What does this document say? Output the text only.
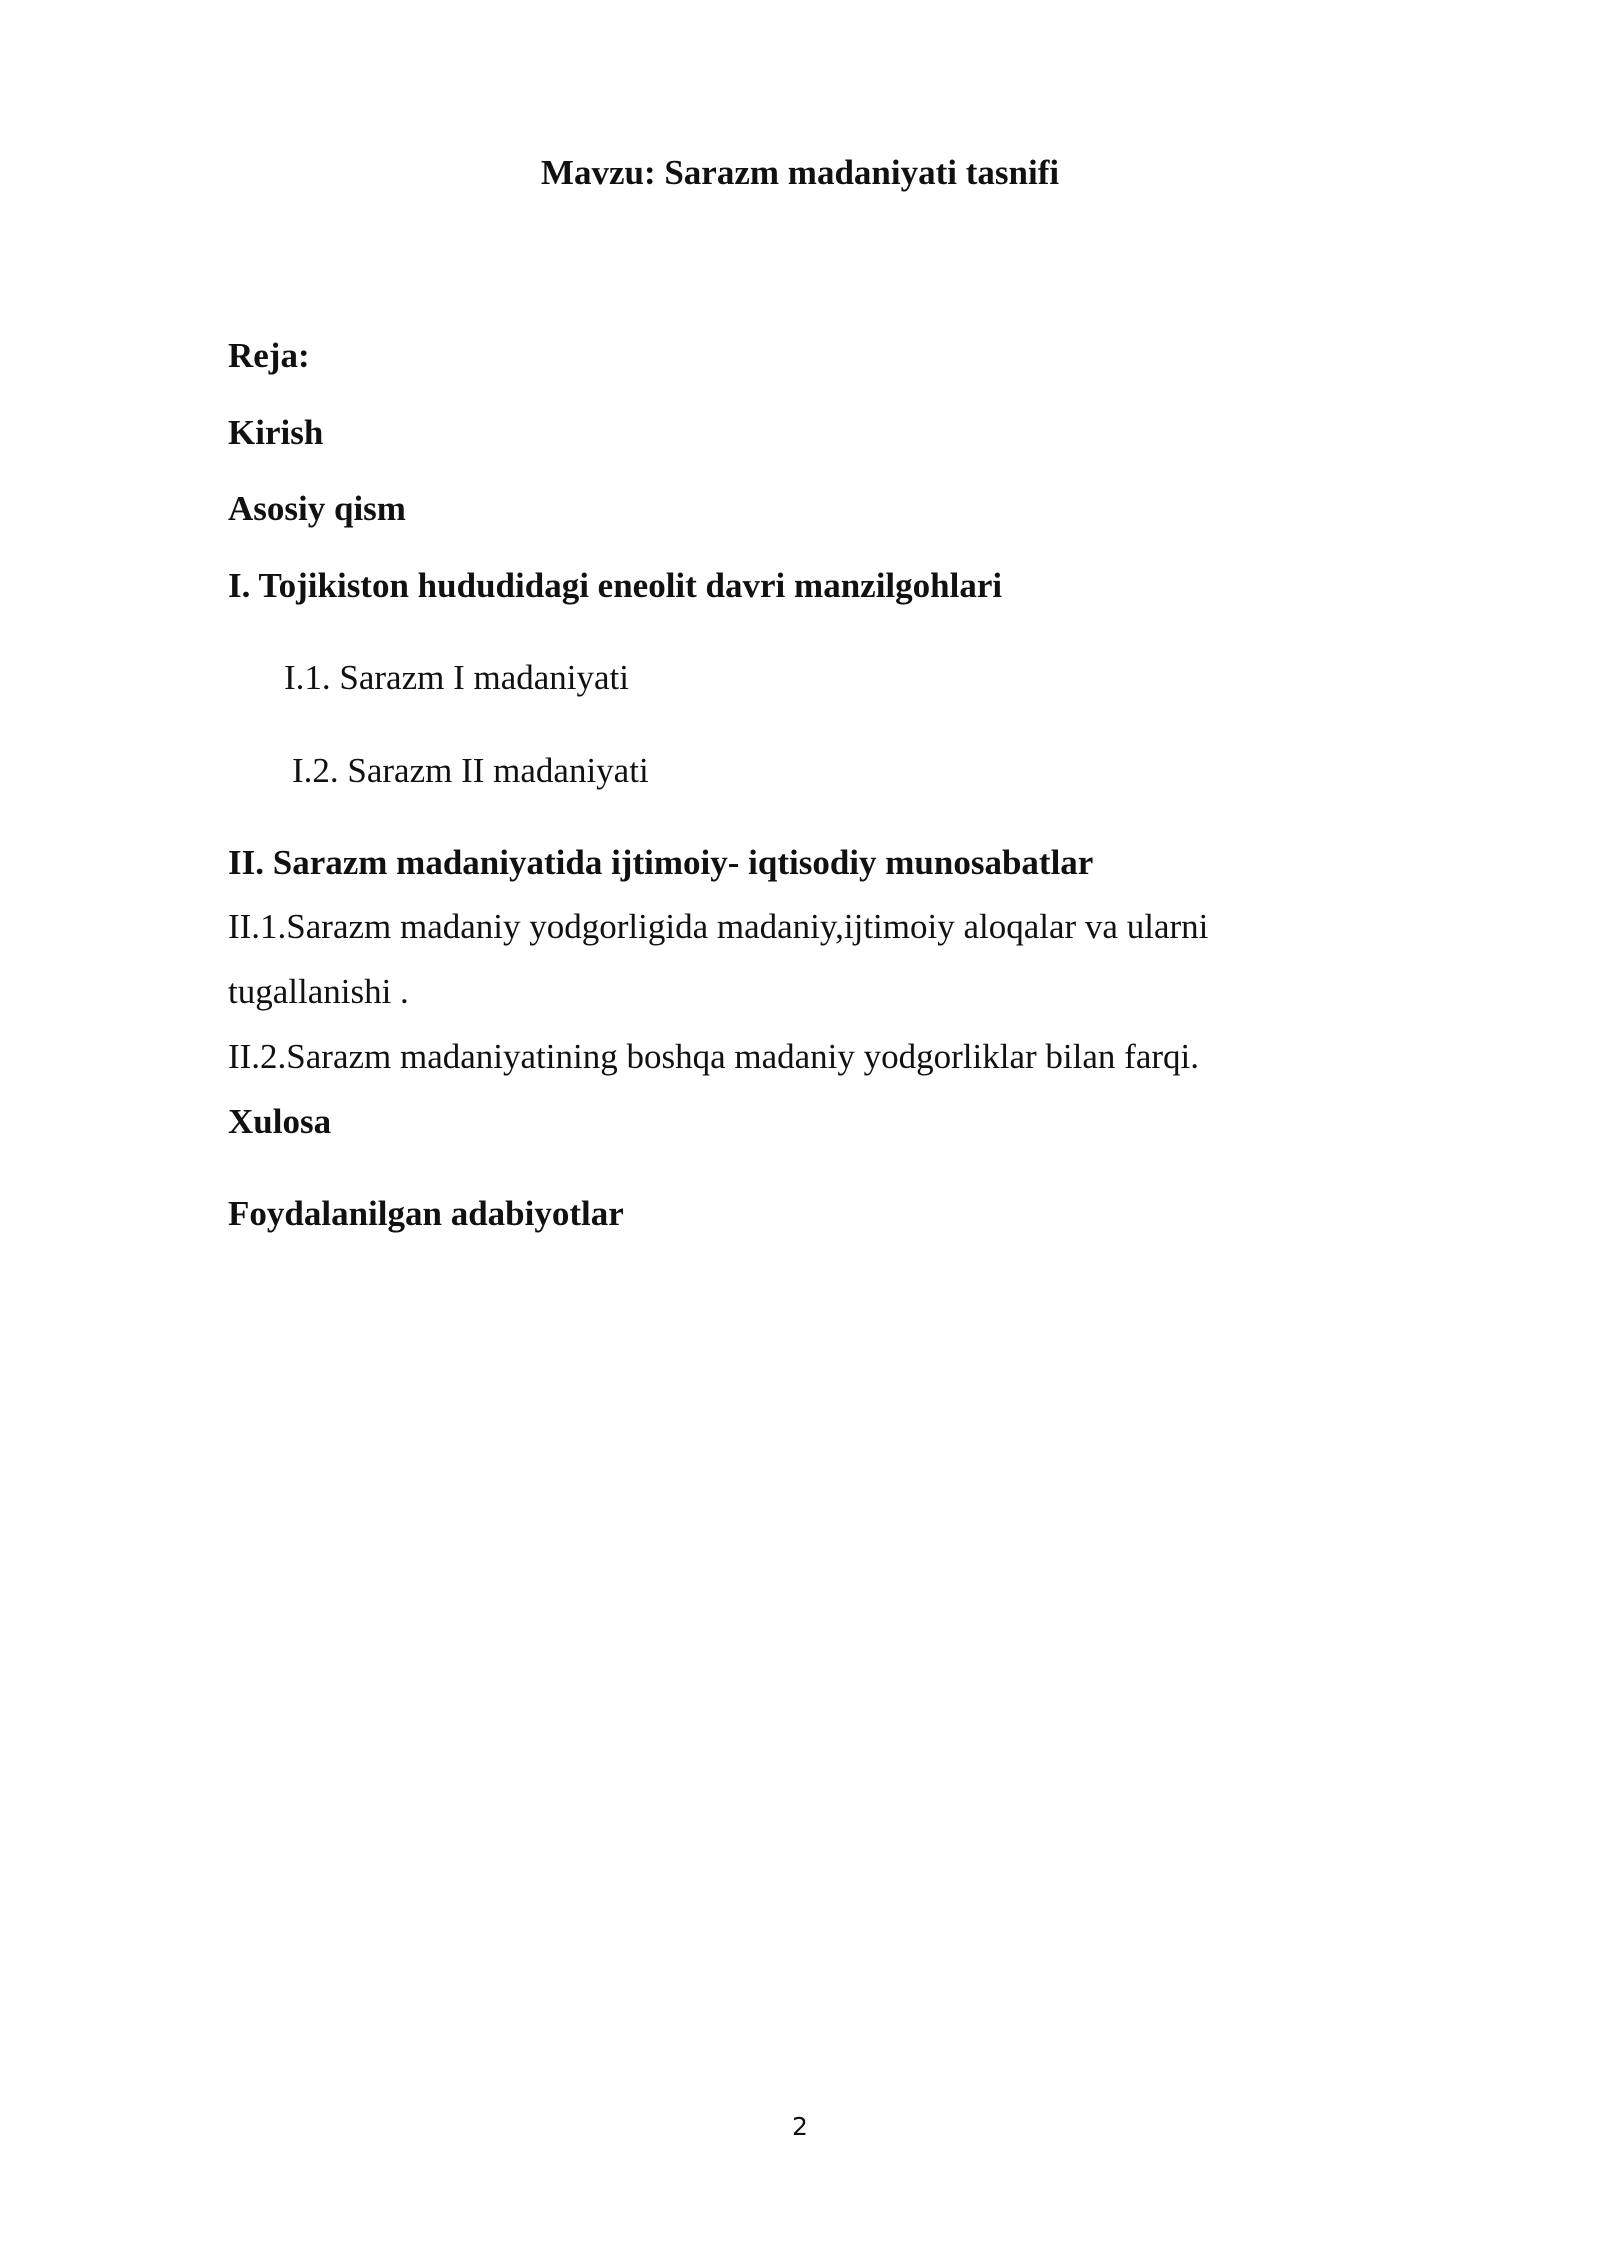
Mavzu: Sarazm madaniyati tasnifi
Reja:
Kirish
Asosiy qism
I. Tojikiston hududidagi eneolit davri manzilgohlari
I.1. Sarazm I madaniyati
I.2. Sarazm II madaniyati
II. Sarazm madaniyatida ijtimoiy- iqtisodiy munosabatlar
II.1.Sarazm madaniy yodgorligida madaniy,ijtimoiy aloqalar va ularni
tugallanishi .
II.2.Sarazm madaniyatining boshqa madaniy yodgorliklar bilan farqi.
Xulosa
Foydalanilgan adabiyotlar
2
